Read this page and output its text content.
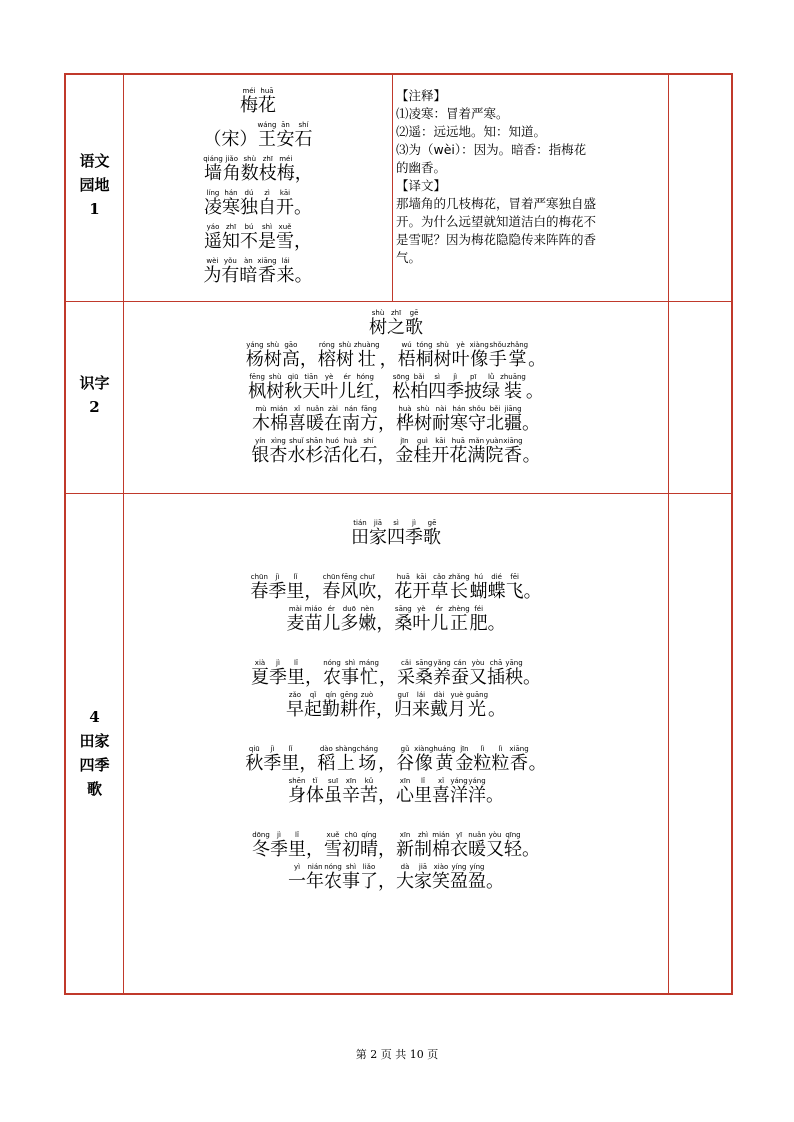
语文
园地
1
识字
2
4
田家
四季
歌
梅méi
花huā
（宋） 王wáng
安ān
石shí
墙qiáng
角jiǎo
数shù
枝zhī
梅méi
，
凌líng
寒hán
独dú
自zì
开kāi
。
遥yáo
知zhī
不bú
是shì
雪xuě
，
为wèi
有yǒu
暗àn
香xiāng
来lái
。
【注释】
⑴凌寒：冒着严寒。
⑵遥：远远地。知：知道。
⑶为（wèi）：因为。暗香：指梅花
的幽香。
【译文】
那墙角的几枝梅花，冒着严寒独自盛
开。为什么远望就知道洁白的梅花不
是雪呢？因为梅花隐隐传来阵阵的香
气。
树shù
之zhī
歌gē
杨yáng
树shù
高gāo
， 榕róng
树shù
壮zhuàng
， 梧wú
桐tóng
树shù
叶yè
像xiàng
手shǒu
掌zhǎng
。
枫fēng
树shù
秋qiū
天tiān
叶yè
儿ér
红hóng
， 松sōng
柏bǎi
四sì
季jì
披pī
绿lǜ
装zhuāng
。
木mù
棉mián
喜xǐ
暖nuǎn
在zài
南nán
方fāng
， 桦huà
树shù
耐nài
寒hán
守shǒu
北běi
疆jiāng
。
银yín
杏xìng
水shuǐ
杉shān
活huó
化huà
石shí
， 金jīn
桂guì
开kāi
花huā
满mǎn
院yuàn
香xiāng
。
田tián
家jiā
四sì
季jì
歌gē
春chūn
季jì
里lǐ
， 春chūn
风fēng
吹chuī
， 花huā
开kāi
草cǎo
长zhǎng
蝴hú
蝶dié
飞fēi
。
麦mài
苗miáo
儿ér
多duō
嫩nèn
， 桑sāng
叶yè
儿ér
正zhèng
肥féi
。
夏xià
季jì
里lǐ
， 农nóng
事shì
忙máng
， 采cǎi
桑sāng
养yǎng
蚕cán
又yòu
插chā
秧yāng
。
早zǎo
起qǐ
勤qín
耕gēng
作zuò
， 归guī
来lái
戴dài
月yuè
光guāng
。
秋qiū
季jì
里lǐ
， 稻dào
上shàng
场cháng
， 谷gǔ
像xiàng
黄huáng
金jīn
粒lì
粒lì
香xiāng
。
身shēn
体tǐ
虽suī
辛xīn
苦kǔ
， 心xīn
里lǐ
喜xǐ
洋yáng
洋yáng
。
冬dōng
季jì
里lǐ
， 雪xuě
初chū
晴qíng
， 新xīn
制zhì
棉mián
衣yī
暖nuǎn
又yòu
轻qīng
。
一yì
年nián
农nóng
事shì
了liǎo
， 大dà
家jiā
笑xiào
盈yíng
盈yíng
。
第 2 页 共 10 页
